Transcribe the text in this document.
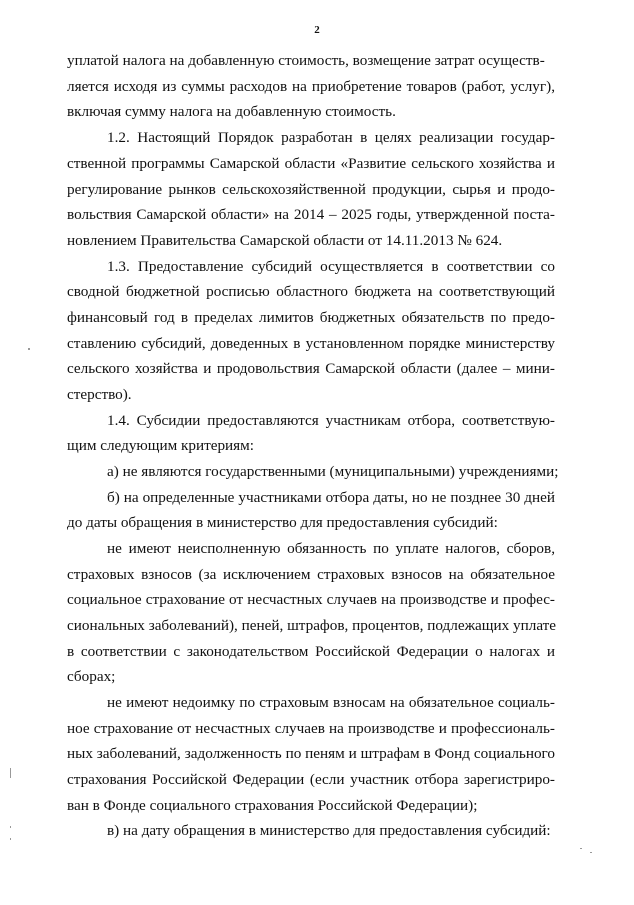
2
уплатой налога на добавленную стоимость, возмещение затрат осуществ-
ляется исходя из суммы расходов на приобретение товаров (работ, услуг),
включая сумму налога на добавленную стоимость.
1.2. Настоящий Порядок разработан в целях реализации государ-
ственной программы Самарской области «Развитие сельского хозяйства и
регулирование рынков сельскохозяйственной продукции, сырья и продо-
вольствия Самарской области» на 2014 – 2025 годы, утвержденной поста-
новлением Правительства Самарской области от 14.11.2013 № 624.
1.3. Предоставление субсидий осуществляется в соответствии со
сводной бюджетной росписью областного бюджета на соответствующий
финансовый год в пределах лимитов бюджетных обязательств по предо-
ставлению субсидий, доведенных в установленном порядке министерству
сельского хозяйства и продовольствия Самарской области (далее – мини-
стерство).
1.4. Субсидии предоставляются участникам отбора, соответствую-
щим следующим критериям:
а) не являются государственными (муниципальными) учреждениями;
б) на определенные участниками отбора даты, но не позднее 30 дней
до даты обращения в министерство для предоставления субсидий:
не имеют неисполненную обязанность по уплате налогов, сборов,
страховых взносов (за исключением страховых взносов на обязательное
социальное страхование от несчастных случаев на производстве и профес-
сиональных заболеваний), пеней, штрафов, процентов, подлежащих уплате
в соответствии с законодательством Российской Федерации о налогах и
сборах;
не имеют недоимку по страховым взносам на обязательное социаль-
ное страхование от несчастных случаев на производстве и профессиональ-
ных заболеваний, задолженность по пеням и штрафам в Фонд социального
страхования Российской Федерации (если участник отбора зарегистриро-
ван в Фонде социального страхования Российской Федерации);
в) на дату обращения в министерство для предоставления субсидий:
